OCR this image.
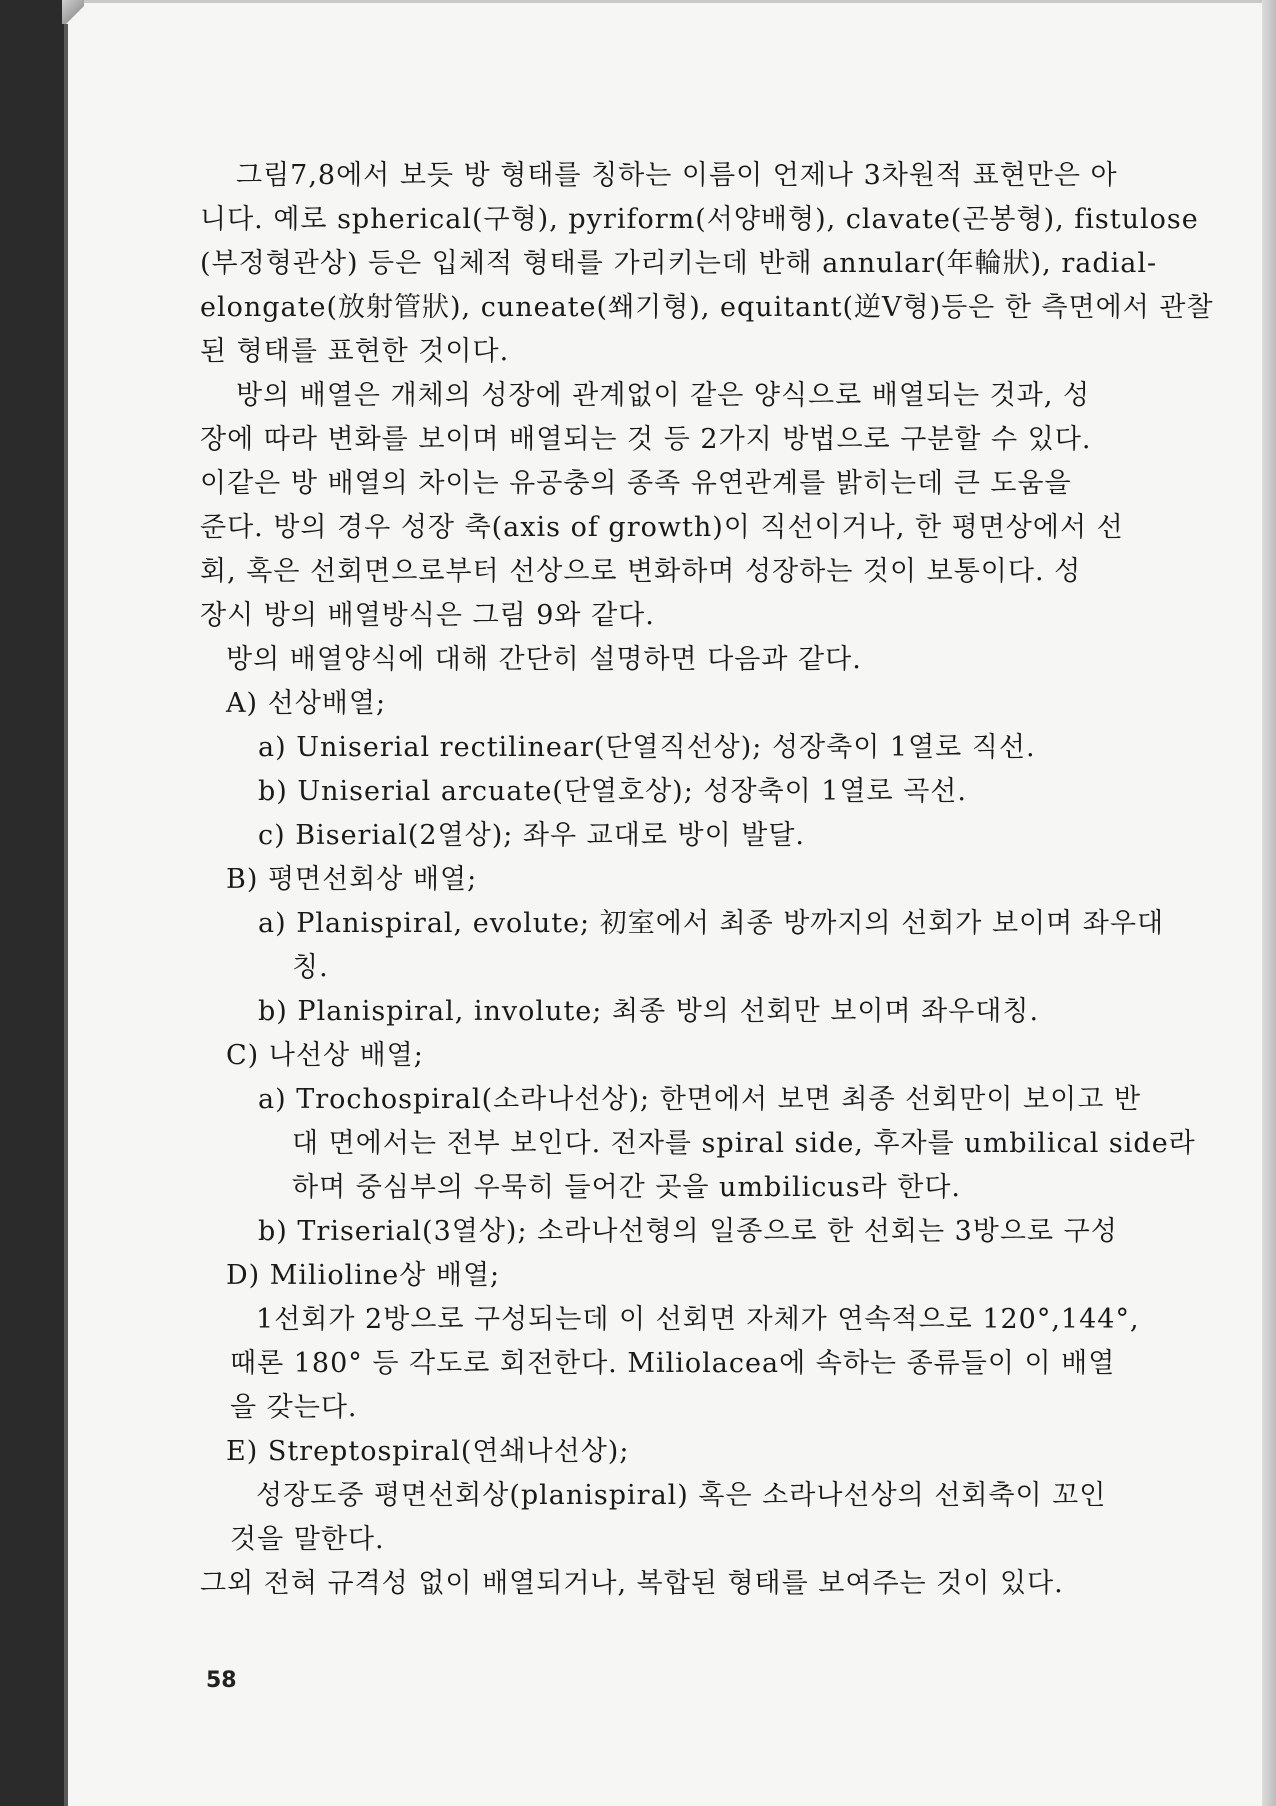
그림7,8에서 보듯 방 형태를 칭하는 이름이 언제나 3차원적 표현만은 아

니다. 예로 spherical(구형), pyriform(서양배형), clavate(곤봉형), fistulose

(부정형관상) 등은 입체적 형태를 가리키는데 반해 annular(年輪狀), radial-

elongate(放射管狀), cuneate(쐐기형), equitant(逆V형)등은 한 측면에서 관찰

된 형태를 표현한 것이다.

방의 배열은 개체의 성장에 관계없이 같은 양식으로 배열되는 것과, 성

장에 따라 변화를 보이며 배열되는 것 등 2가지 방법으로 구분할 수 있다.

이같은 방 배열의 차이는 유공충의 종족 유연관계를 밝히는데 큰 도움을

준다. 방의 경우 성장 축(axis of growth)이 직선이거나, 한 평면상에서 선

회, 혹은 선회면으로부터 선상으로 변화하며 성장하는 것이 보통이다. 성

장시 방의 배열방식은 그림 9와 같다.

방의 배열양식에 대해 간단히 설명하면 다음과 같다.

A) 선상배열;

a) Uniserial rectilinear(단열직선상); 성장축이 1열로 직선.

b) Uniserial arcuate(단열호상); 성장축이 1열로 곡선.

c) Biserial(2열상); 좌우 교대로 방이 발달.

B) 평면선회상 배열;

a) Planispiral, evolute; 初室에서 최종 방까지의 선회가 보이며 좌우대

칭.

b) Planispiral, involute; 최종 방의 선회만 보이며 좌우대칭.

C) 나선상 배열;

a) Trochospiral(소라나선상); 한면에서 보면 최종 선회만이 보이고 반

대 면에서는 전부 보인다. 전자를 spiral side, 후자를 umbilical side라

하며 중심부의 우묵히 들어간 곳을 umbilicus라 한다.

b) Triserial(3열상); 소라나선형의 일종으로 한 선회는 3방으로 구성

D) Milioline상 배열;

1선회가 2방으로 구성되는데 이 선회면 자체가 연속적으로 120°,144°,

때론 180° 등 각도로 회전한다. Miliolacea에 속하는 종류들이 이 배열

을 갖는다.

E) Streptospiral(연쇄나선상);

성장도중 평면선회상(planispiral) 혹은 소라나선상의 선회축이 꼬인

것을 말한다.

그외 전혀 규격성 없이 배열되거나, 복합된 형태를 보여주는 것이 있다.

58
